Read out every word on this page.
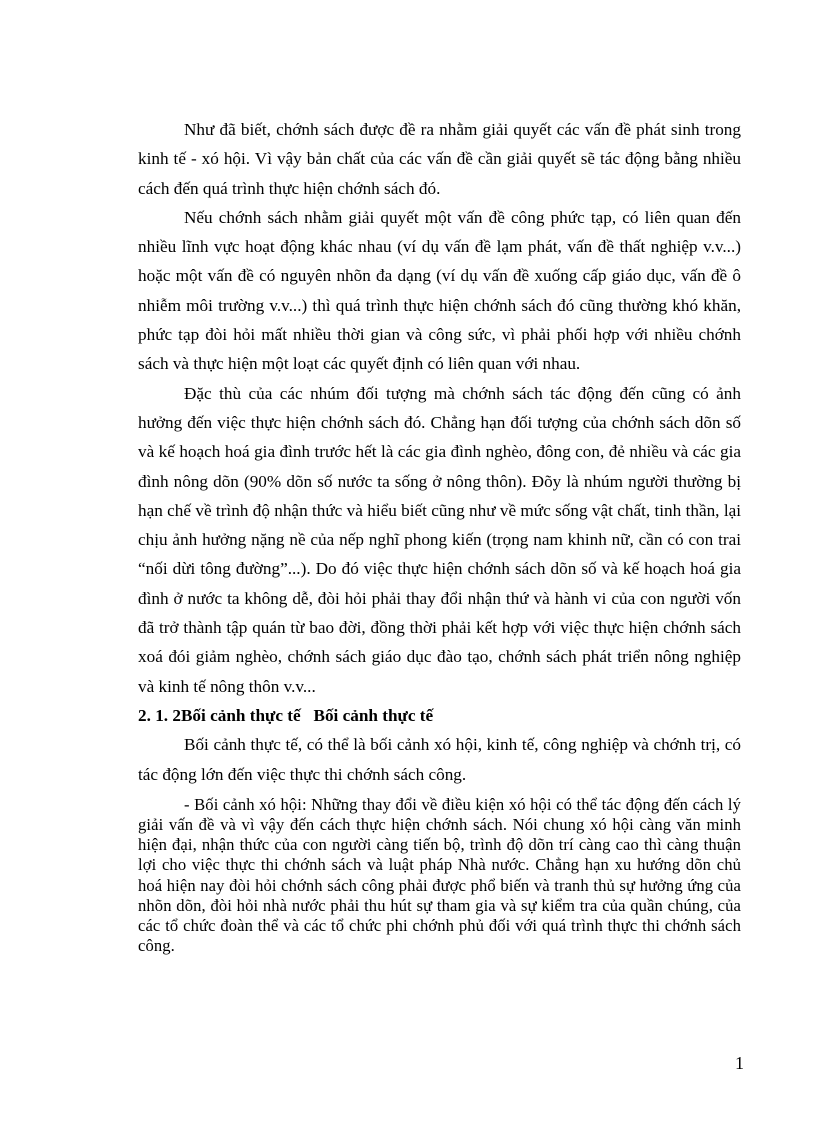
Như đã biết, chớnh sách được đề ra nhằm giải quyết các vấn đề phát sinh trong kinh tế - xó hội. Vì vậy bản chất của các vấn đề cần giải quyết sẽ tác động bằng nhiều cách đến quá trình thực hiện chớnh sách đó.

Nếu chớnh sách nhằm giải quyết một vấn đề công phức tạp, có liên quan đến nhiều lĩnh vực hoạt động khác nhau (ví dụ vấn đề lạm phát, vấn đề thất nghiệp v.v...) hoặc một vấn đề có nguyên nhõn đa dạng (ví dụ vấn đề xuống cấp giáo dục, vấn đề ô nhiễm môi trường v.v...) thì quá trình thực hiện chớnh sách đó cũng thường khó khăn, phức tạp đòi hỏi mất nhiều thời gian và công sức, vì phải phối hợp với nhiều chớnh sách và thực hiện một loạt các quyết định có liên quan với nhau.

Đặc thù của các nhúm đối tượng mà chớnh sách tác động đến cũng có ảnh hưởng đến việc thực hiện chớnh sách đó. Chẳng hạn đối tượng của chớnh sách dõn số và kế hoạch hoá gia đình trước hết là các gia đình nghèo, đông con, đẻ nhiều và các gia đình nông dõn (90% dõn số nước ta sống ở nông thôn). Đõy là nhúm người thường bị hạn chế về trình độ nhận thức và hiểu biết cũng như về mức sống vật chất, tinh thần, lại chịu ảnh hưởng nặng nề của nếp nghĩ phong kiến (trọng nam khinh nữ, cần có con trai “nối dừi tông đường”...). Do đó việc thực hiện chớnh sách dõn số và kế hoạch hoá gia đình ở nước ta không dễ, đòi hỏi phải thay đổi nhận thứ và hành vi của con người vốn đã trở thành tập quán từ bao đời, đồng thời phải kết hợp với việc thực hiện chớnh sách xoá đói giảm nghèo, chớnh sách giáo dục đào tạo, chớnh sách phát triển nông nghiệp và kinh tế nông thôn v.v...

2. 1. 2Bối cảnh thực tế   Bối cảnh thực tế

Bối cảnh thực tế, có thể là bối cảnh xó hội, kinh tế, công nghiệp và chớnh trị, có tác động lớn đến việc thực thi chớnh sách công.

- Bối cảnh xó hội: Những thay đổi về điều kiện xó hội có thể tác động đến cách lý giải vấn đề và vì vậy đến cách thực hiện chớnh sách. Nói chung xó hội càng văn minh hiện đại, nhận thức của con người càng tiến bộ, trình độ dõn trí càng cao thì càng thuận lợi cho việc thực thi chớnh sách và luật pháp Nhà nước. Chẳng hạn xu hướng dõn chủ hoá hiện nay đòi hỏi chớnh sách công phải được phổ biến và tranh thủ sự hưởng ứng của nhõn dõn, đòi hỏi nhà nước phải thu hút sự tham gia và sự kiểm tra của quần chúng, của các tổ chức đoàn thể và các tổ chức phi chớnh phủ đối với quá trình thực thi chớnh sách công.

1
